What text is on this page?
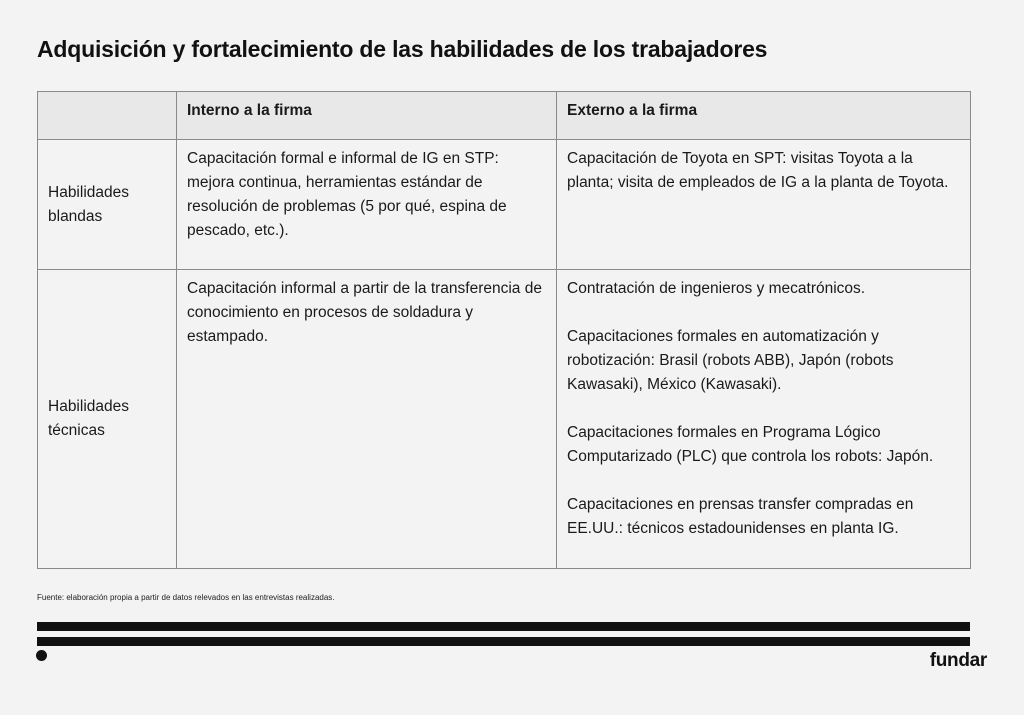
Adquisición y fortalecimiento de las habilidades de los trabajadores
	Interno a la firma	Externo a la firma
Habilidades blandas	Capacitación formal e informal de IG en STP: mejora continua, herramientas estándar de resolución de problemas (5 por qué, espina de pescado, etc.).	Capacitación de Toyota en SPT: visitas Toyota a la planta; visita de empleados de IG a la planta de Toyota.

Habilidades técnicas	Capacitación informal a partir de la transferencia de conocimiento en procesos de soldadura y estampado.	Contratación de ingenieros y mecatrónicos.
Capacitaciones formales en automatización y robotización: Brasil (robots ABB), Japón (robots Kawasaki), México (Kawasaki).
Capacitaciones formales en Programa Lógico Computarizado (PLC) que controla los robots: Japón.
Capacitaciones en prensas transfer compradas en EE.UU.: técnicos estadounidenses en planta IG.
Fuente: elaboración propia a partir de datos relevados en las entrevistas realizadas.
fundar
